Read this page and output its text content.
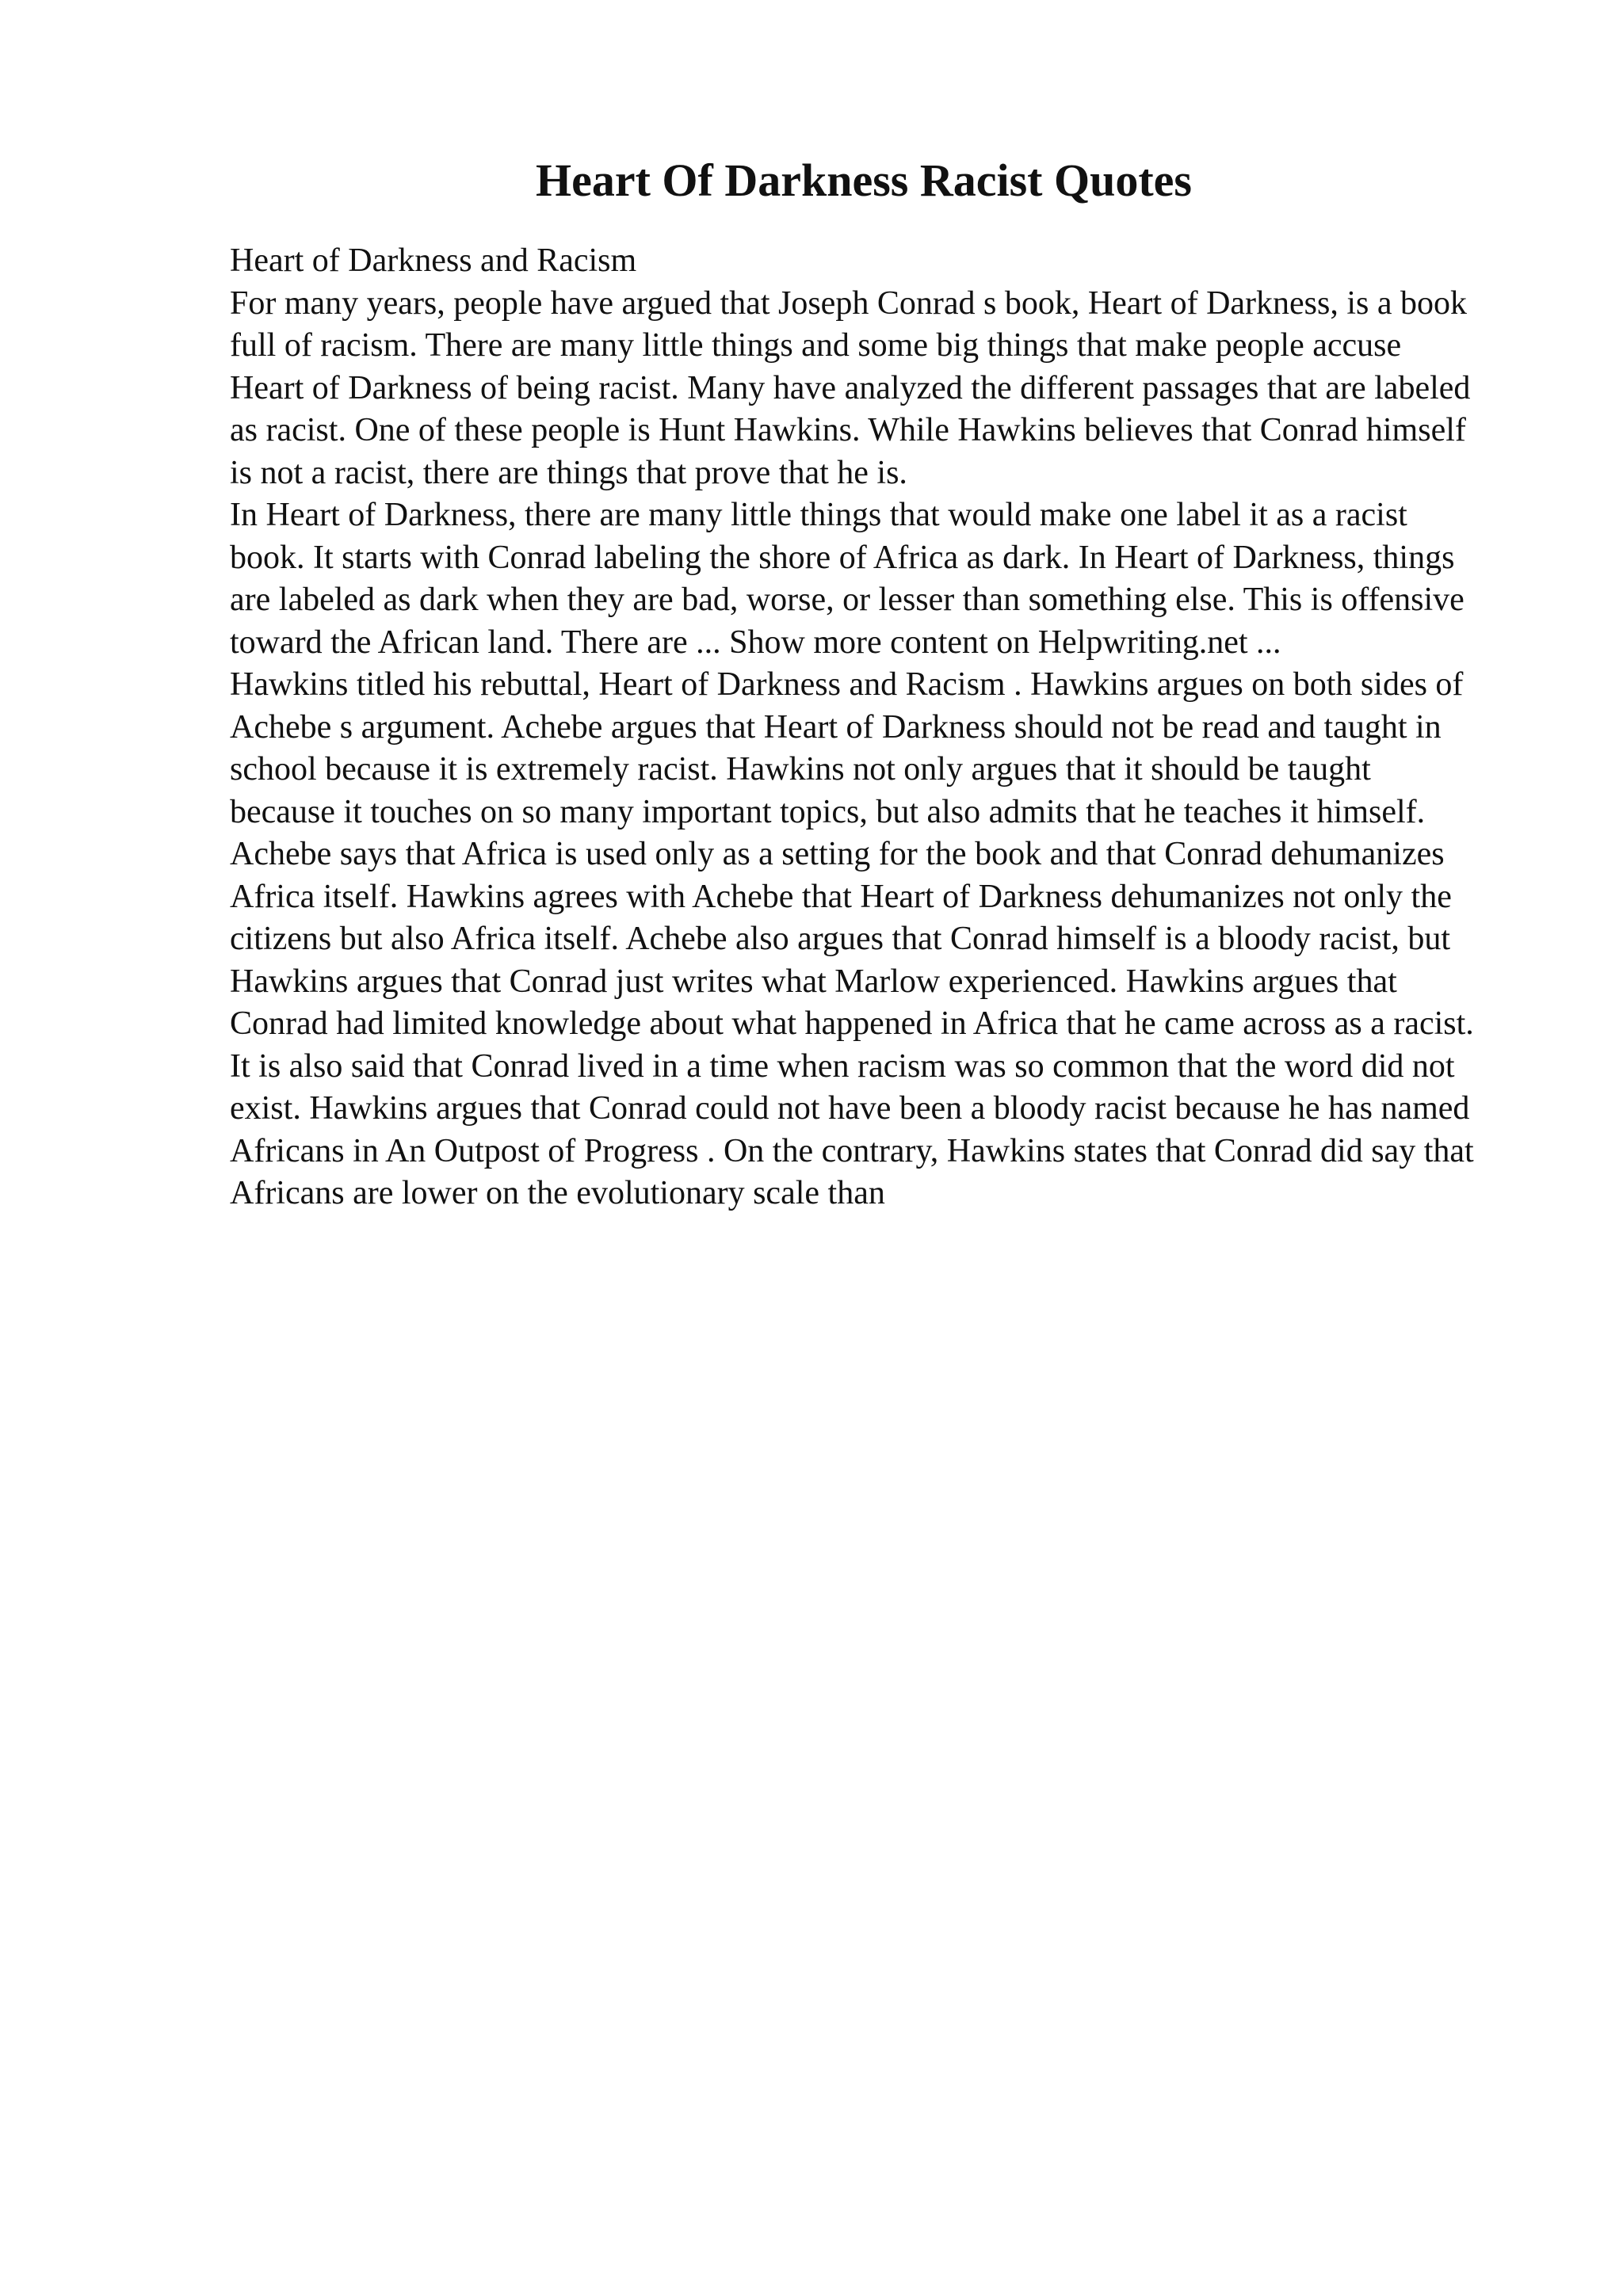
Heart Of Darkness Racist Quotes

Heart of Darkness and Racism

For many years, people have argued that Joseph Conrad s book, Heart of Darkness, is a book full of racism. There are many little things and some big things that make people accuse Heart of Darkness of being racist. Many have analyzed the different passages that are labeled as racist. One of these people is Hunt Hawkins. While Hawkins believes that Conrad himself is not a racist, there are things that prove that he is.

In Heart of Darkness, there are many little things that would make one label it as a racist book. It starts with Conrad labeling the shore of Africa as dark. In Heart of Darkness, things are labeled as dark when they are bad, worse, or lesser than something else. This is offensive toward the African land. There are ... Show more content on Helpwriting.net ...

Hawkins titled his rebuttal, Heart of Darkness and Racism . Hawkins argues on both sides of Achebe s argument. Achebe argues that Heart of Darkness should not be read and taught in school because it is extremely racist. Hawkins not only argues that it should be taught because it touches on so many important topics, but also admits that he teaches it himself. Achebe says that Africa is used only as a setting for the book and that Conrad dehumanizes Africa itself. Hawkins agrees with Achebe that Heart of Darkness dehumanizes not only the citizens but also Africa itself. Achebe also argues that Conrad himself is a bloody racist, but Hawkins argues that Conrad just writes what Marlow experienced. Hawkins argues that Conrad had limited knowledge about what happened in Africa that he came across as a racist. It is also said that Conrad lived in a time when racism was so common that the word did not exist. Hawkins argues that Conrad could not have been a bloody racist because he has named Africans in An Outpost of Progress . On the contrary, Hawkins states that Conrad did say that Africans are lower on the evolutionary scale than
